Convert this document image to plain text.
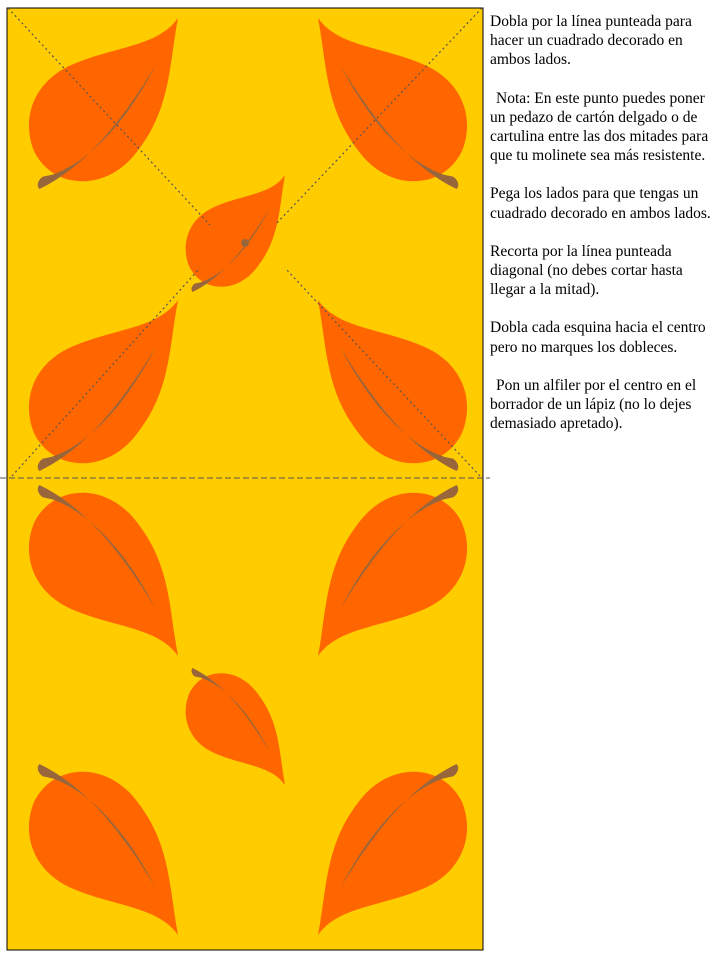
Dobla por la línea punteada para hacer un cuadrado decorado en ambos lados.

Nota: En este punto puedes poner un pedazo de cartón delgado o de cartulina entre las dos mitades para que tu molinete sea más resistente.

Pega los lados para que tengas un cuadrado decorado en ambos lados.

Recorta por la línea punteada diagonal (no debes cortar hasta llegar a la mitad).

Dobla cada esquina hacia el centro pero no marques los dobleces.

Pon un alfiler por el centro en el borrador de un lápiz (no lo dejes demasiado apretado).
